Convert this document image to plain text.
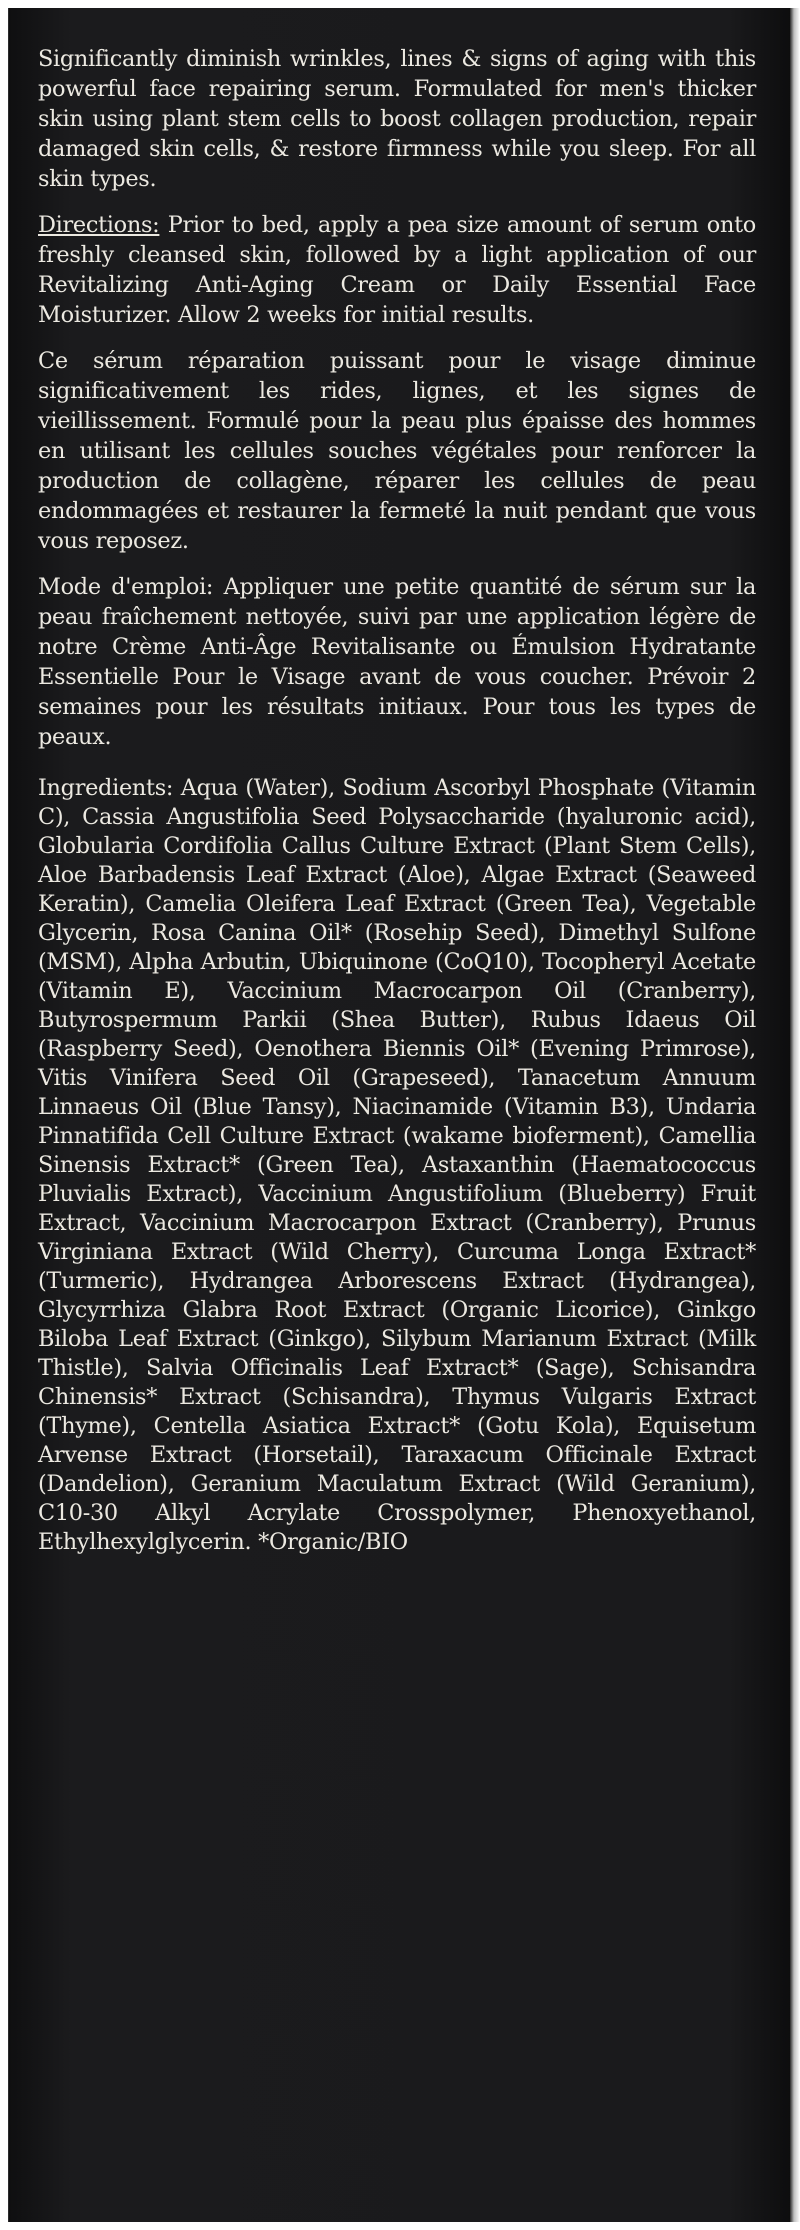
Significantly diminish wrinkles, lines & signs of aging with this powerful face repairing serum. Formulated for men's thicker skin using plant stem cells to boost collagen production, repair damaged skin cells, & restore firmness while you sleep. For all skin types.

Directions: Prior to bed, apply a pea size amount of serum onto freshly cleansed skin, followed by a light application of our Revitalizing Anti-Aging Cream or Daily Essential Face Moisturizer. Allow 2 weeks for initial results.

Ce sérum réparation puissant pour le visage diminue significativement les rides, lignes, et les signes de vieillissement. Formulé pour la peau plus épaisse des hommes en utilisant les cellules souches végétales pour renforcer la production de collagène, réparer les cellules de peau endommagées et restaurer la fermeté la nuit pendant que vous vous reposez.

Mode d'emploi: Appliquer une petite quantité de sérum sur la peau fraîchement nettoyée, suivi par une application légère de notre Crème Anti-Âge Revitalisante ou Émulsion Hydratante Essentielle Pour le Visage avant de vous coucher. Prévoir 2 semaines pour les résultats initiaux. Pour tous les types de peaux.

Ingredients: Aqua (Water), Sodium Ascorbyl Phosphate (Vitamin C), Cassia Angustifolia Seed Polysaccharide (hyaluronic acid), Globularia Cordifolia Callus Culture Extract (Plant Stem Cells), Aloe Barbadensis Leaf Extract (Aloe), Algae Extract (Seaweed Keratin), Camelia Oleifera Leaf Extract (Green Tea), Vegetable Glycerin, Rosa Canina Oil* (Rosehip Seed), Dimethyl Sulfone (MSM), Alpha Arbutin, Ubiquinone (CoQ10), Tocopheryl Acetate (Vitamin E), Vaccinium Macrocarpon Oil (Cranberry), Butyrospermum Parkii (Shea Butter), Rubus Idaeus Oil (Raspberry Seed), Oenothera Biennis Oil* (Evening Primrose), Vitis Vinifera Seed Oil (Grapeseed), Tanacetum Annuum Linnaeus Oil (Blue Tansy), Niacinamide (Vitamin B3), Undaria Pinnatifida Cell Culture Extract (wakame bioferment), Camellia Sinensis Extract* (Green Tea), Astaxanthin (Haematococcus Pluvialis Extract), Vaccinium Angustifolium (Blueberry) Fruit Extract, Vaccinium Macrocarpon Extract (Cranberry), Prunus Virginiana Extract (Wild Cherry), Curcuma Longa Extract* (Turmeric), Hydrangea Arborescens Extract (Hydrangea), Glycyrrhiza Glabra Root Extract (Organic Licorice), Ginkgo Biloba Leaf Extract (Ginkgo), Silybum Marianum Extract (Milk Thistle), Salvia Officinalis Leaf Extract* (Sage), Schisandra Chinensis* Extract (Schisandra), Thymus Vulgaris Extract (Thyme), Centella Asiatica Extract* (Gotu Kola), Equisetum Arvense Extract (Horsetail), Taraxacum Officinale Extract (Dandelion), Geranium Maculatum Extract (Wild Geranium), C10-30 Alkyl Acrylate Crosspolymer, Phenoxyethanol, Ethylhexylglycerin. *Organic/BIO
